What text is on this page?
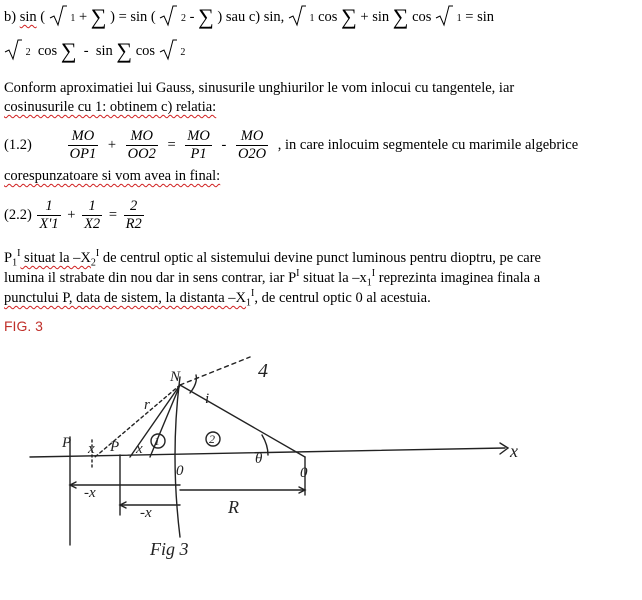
b) sin (	1 + ∑ ) = sin (	2 - ∑ ) sau c) sin,	1 cos ∑ + sin ∑ cos	1 = sin
2 cos ∑ - sin ∑ cos	2
Conform aproximatiei lui Gauss, sinusurile unghiurilor le vom inlocui cu tangentele, iar
cosinusurile cu 1: obtinem c) relatia:
$(1.2) \frac{MO}{OP1} + \frac{MO}{OO2} = \frac{MO}{P1} - \frac{MO}{O2O}$ , in care inlocuim segmentele cu marimile algebrice
corespunzatoare si vom avea in final:
$(2.2) \frac{1}{X'1} + \frac{1}{X2} = \frac{2}{R2}$
$P_1^I$ situat la $-X_2^I$ de centrul optic al sistemului devine punct luminous pentru dioptru, pe care
lumina il strabate din nou dar in sens contrar, iar $P^I$ situat la $-x_1^I$ reprezinta imaginea finala a
punctului P, data de sistem, la distanta $-X_1^I$, de centrul optic 0 al acestuia.
FIG. 3
N
i
r
4
P x P x 1	2
0	0
θ	x
-x
-x	R
Fig 3
